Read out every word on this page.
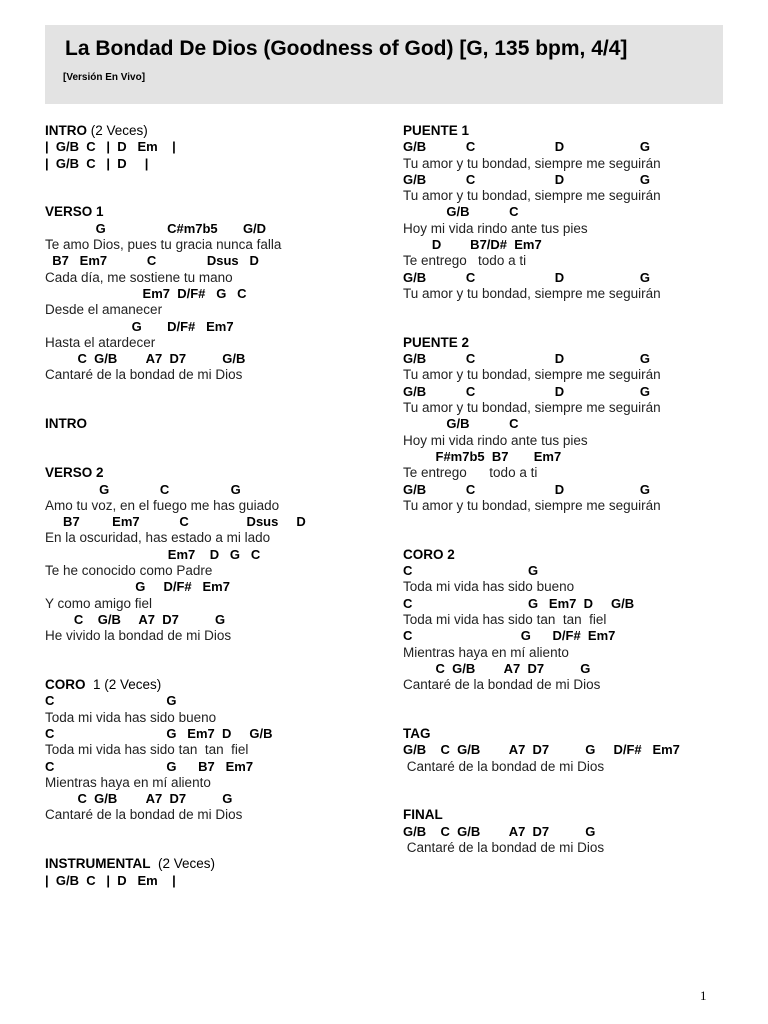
La Bondad De Dios (Goodness of God) [G, 135 bpm, 4/4]
[Versión En Vivo]
INTRO (2 Veces)
|  G/B  C   |  D   Em    |
|  G/B  C   |  D     |
VERSO 1
G                 C#m7b5       G/D
Te amo Dios, pues tu gracia nunca falla
B7   Em7           C              Dsus   D
Cada día, me sostiene tu mano
Em7  D/F#   G   C
Desde el amanecer
G       D/F#   Em7
Hasta el atardecer
C  G/B        A7  D7          G/B
Cantaré de la bondad de mi Dios
INTRO
VERSO 2
G              C                 G
Amo tu voz, en el fuego me has guiado
B7         Em7           C                Dsus     D
En la oscuridad, has estado a mi lado
Em7    D   G   C
Te he conocido como Padre
G     D/F#   Em7
Y como amigo fiel
C    G/B     A7  D7          G
He vivido la bondad de mi Dios
CORO  1 (2 Veces)
C                               G
Toda mi vida has sido bueno
C                               G   Em7  D     G/B
Toda mi vida has sido tan  tan  fiel
C                               G      B7   Em7
Mientras haya en mí aliento
C  G/B        A7  D7          G
Cantaré de la bondad de mi Dios
INSTRUMENTAL  (2 Veces)
|  G/B  C   |  D   Em    |
PUENTE 1
G/B           C                      D                     G
Tu amor y tu bondad, siempre me seguirán
G/B           C                      D                     G
Tu amor y tu bondad, siempre me seguirán
G/B           C
Hoy mi vida rindo ante tus pies
D        B7/D#  Em7
Te entrego   todo a ti
G/B           C                      D                     G
Tu amor y tu bondad, siempre me seguirán
PUENTE 2
G/B           C                      D                     G
Tu amor y tu bondad, siempre me seguirán
G/B           C                      D                     G
Tu amor y tu bondad, siempre me seguirán
G/B           C
Hoy mi vida rindo ante tus pies
F#m7b5  B7       Em7
Te entrego      todo a ti
G/B           C                      D                     G
Tu amor y tu bondad, siempre me seguirán
CORO 2
C                                G
Toda mi vida has sido bueno
C                                G   Em7  D     G/B
Toda mi vida has sido tan  tan  fiel
C                              G      D/F#  Em7
Mientras haya en mí aliento
C  G/B        A7  D7          G
Cantaré de la bondad de mi Dios
TAG
G/B    C  G/B        A7  D7          G     D/F#   Em7
Cantaré de la bondad de mi Dios
FINAL
G/B    C  G/B        A7  D7          G
Cantaré de la bondad de mi Dios
1
